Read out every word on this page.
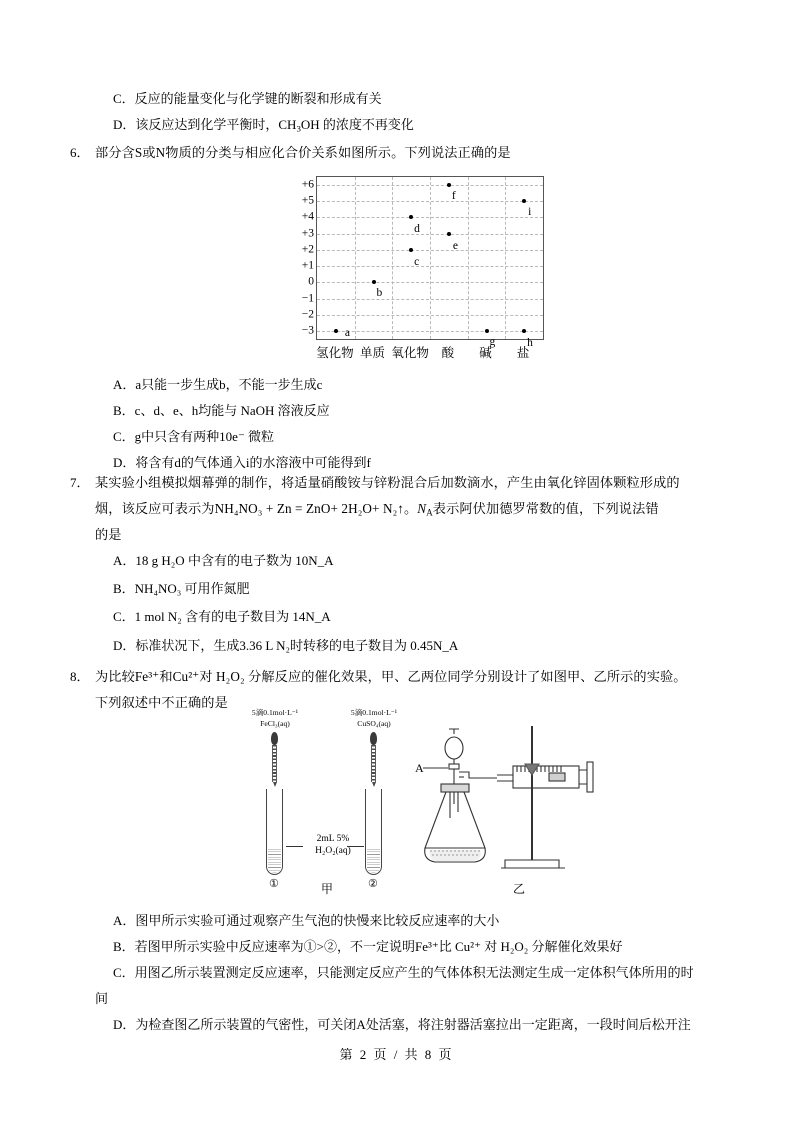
C．反应的能量变化与化学键的断裂和形成有关
D．该反应达到化学平衡时，$CH_3OH$ 的浓度不再变化
6． 部分含S或N物质的分类与相应化合价关系如图所示。下列说法正确的是
+6
+5
+4
+3
+2
+1
0
−1
−2
−3	a
b
c
d
e
f
g	h
i
氢化物 单质 氧化物 酸 碱 盐
A．a只能一步生成b，不能一步生成c
B．c、d、e、h均能与 NaOH 溶液反应
C．g中只含有两种10e⁻ 微粒
D．将含有d的气体通入i的水溶液中可能得到f
7． 某实验小组模拟烟幕弹的制作，将适量硝酸铵与锌粉混合后加数滴水，产生由氧化锌固体颗粒形成的
烟，该反应可表示为NH₄NO₃ + Zn = ZnO+ 2H₂O+ N₂↑。$N_A$表示阿伏加德罗常数的值，下列说法错
的是
A．18 g H₂O 中含有的电子数为 10N_A
B．NH₄NO₃ 可用作氮肥
C．1 mol N₂ 含有的电子数目为 14N_A
D．标准状况下，生成3.36 L N₂时转移的电子数目为 0.45N_A
8． 为比较Fe³⁺和Cu²⁺对 H₂O₂ 分解反应的催化效果，甲、乙两位同学分别设计了如图甲、乙所示的实验。
下列叙述中不正确的是
5滴0.1mol·L⁻¹
FeCl₃(aq)
①
5滴0.1mol·L⁻¹
CuSO₄(aq)
②
2mL 5%
H₂O₂(aq)
甲
A
乙
A．图甲所示实验可通过观察产生气泡的快慢来比较反应速率的大小
B．若图甲所示实验中反应速率为①>②，不一定说明Fe³⁺比 Cu²⁺ 对 H₂O₂ 分解催化效果好
C．用图乙所示装置测定反应速率，只能测定反应产生的气体体积无法测定生成一定体积气体所用的时
间
D．为检查图乙所示装置的气密性，可关闭A处活塞，将注射器活塞拉出一定距离，一段时间后松开注
第 2 页 / 共 8 页
